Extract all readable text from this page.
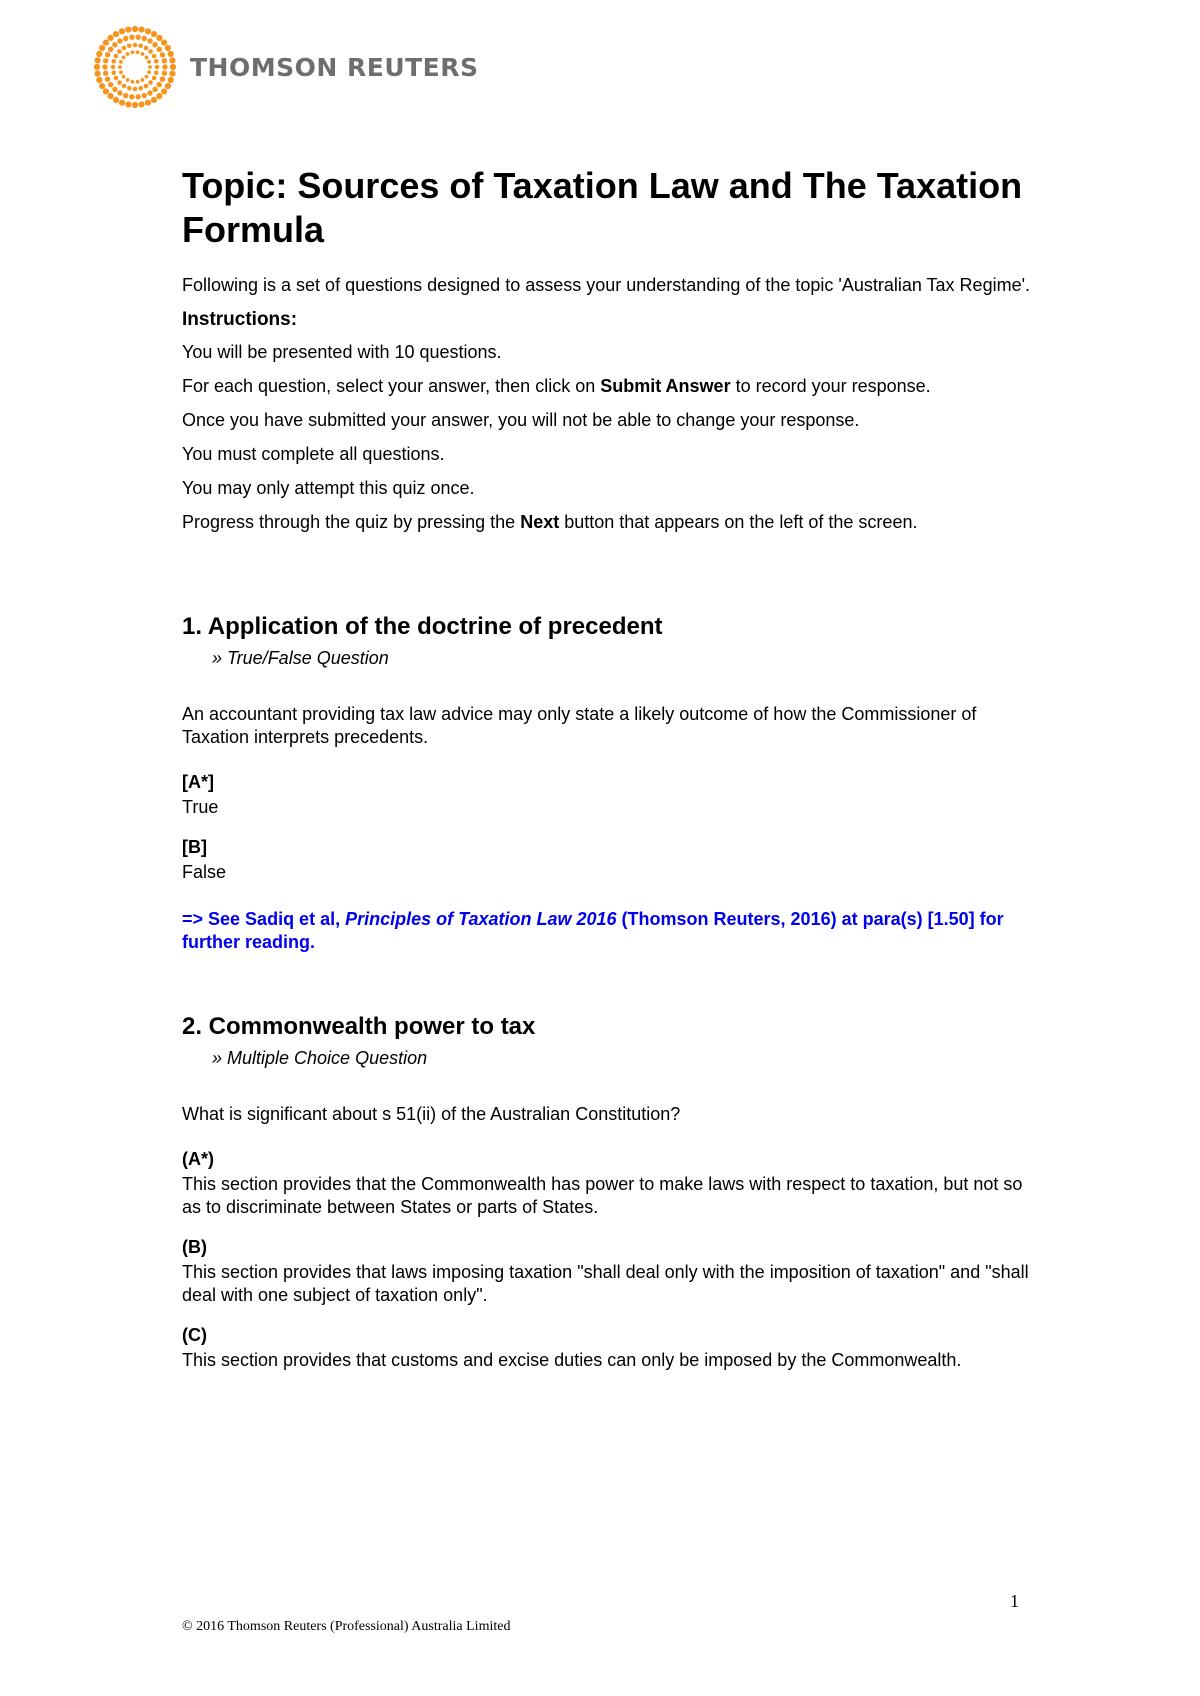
THOMSON REUTERS
Topic: Sources of Taxation Law and The Taxation Formula

Following is a set of questions designed to assess your understanding of the topic 'Australian Tax Regime'.

Instructions:

You will be presented with 10 questions.

For each question, select your answer, then click on Submit Answer to record your response.

Once you have submitted your answer, you will not be able to change your response.

You must complete all questions.

You may only attempt this quiz once.

Progress through the quiz by pressing the Next button that appears on the left of the screen.

1. Application of the doctrine of precedent

» True/False Question

An accountant providing tax law advice may only state a likely outcome of how the Commissioner of Taxation interprets precedents.

[A*]

True

[B]

False

=> See Sadiq et al, Principles of Taxation Law 2016 (Thomson Reuters, 2016) at para(s) [1.50] for further reading.

2. Commonwealth power to tax

» Multiple Choice Question

What is significant about s 51(ii) of the Australian Constitution?

(A*)

This section provides that the Commonwealth has power to make laws with respect to taxation, but not so as to discriminate between States or parts of States.

(B)

This section provides that laws imposing taxation "shall deal only with the imposition of taxation" and "shall deal with one subject of taxation only".

(C)

This section provides that customs and excise duties can only be imposed by the Commonwealth.

1
© 2016 Thomson Reuters (Professional) Australia Limited
